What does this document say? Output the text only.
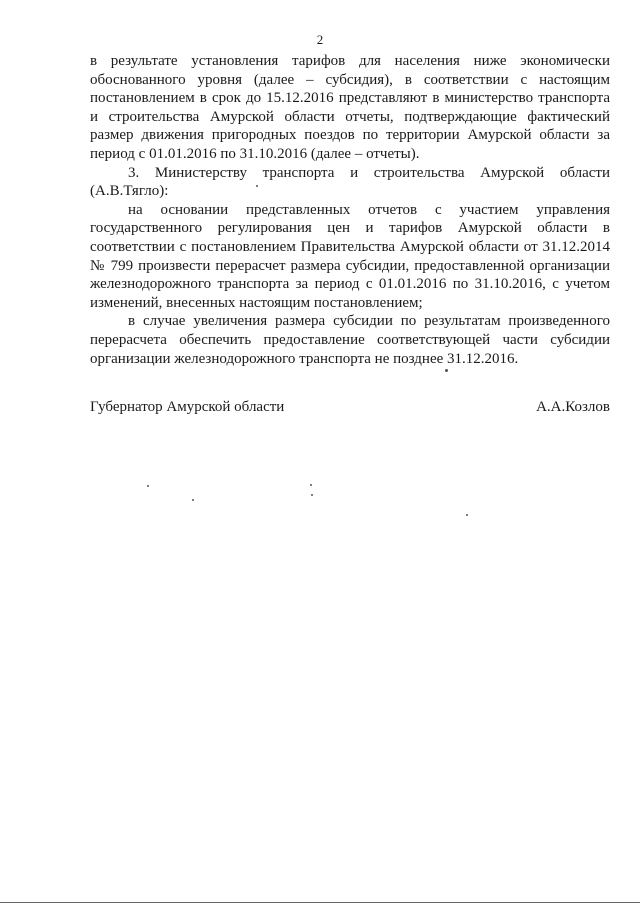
2

в результате установления тарифов для населения ниже экономически обоснованного уровня (далее – субсидия), в соответствии с настоящим постановлением в срок до 15.12.2016 представляют в министерство транспорта и строительства Амурской области отчеты, подтверждающие фактический размер движения пригородных поездов по территории Амурской области за период с 01.01.2016 по 31.10.2016 (далее – отчеты).

3. Министерству транспорта и строительства Амурской области (А.В.Тягло):

на основании представленных отчетов с участием управления государственного регулирования цен и тарифов Амурской области в соответствии с постановлением Правительства Амурской области от 31.12.2014 № 799 произвести перерасчет размера субсидии, предоставленной организации железнодорожного транспорта за период с 01.01.2016 по 31.10.2016, с учетом изменений, внесенных настоящим постановлением;

в случае увеличения размера субсидии по результатам произведенного перерасчета обеспечить предоставление соответствующей части субсидии организации железнодорожного транспорта не позднее 31.12.2016.

Губернатор Амурской области	А.А.Козлов
